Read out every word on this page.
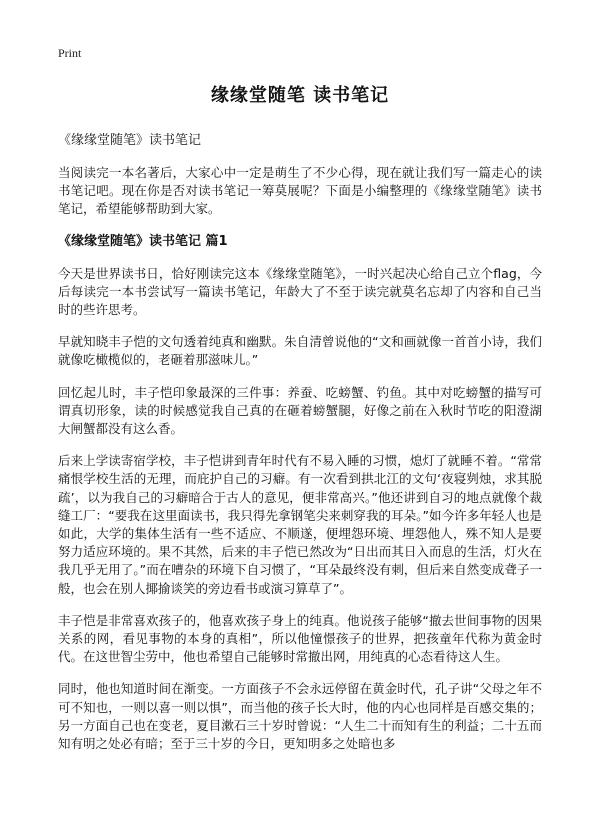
Print

缘缘堂随笔 读书笔记

《缘缘堂随笔》读书笔记

当阅读完一本名著后，大家心中一定是萌生了不少心得，现在就让我们写一篇走心的读书笔记吧。现在你是否对读书笔记一筹莫展呢？下面是小编整理的《缘缘堂随笔》读书笔记，希望能够帮助到大家。

《缘缘堂随笔》读书笔记 篇1

今天是世界读书日，恰好刚读完这本《缘缘堂随笔》，一时兴起决心给自己立个flag，今后每读完一本书尝试写一篇读书笔记，年龄大了不至于读完就莫名忘却了内容和自己当时的些许思考。

早就知晓丰子恺的文句透着纯真和幽默。朱自清曾说他的“文和画就像一首首小诗，我们就像吃橄榄似的，老砸着那滋味儿。”

回忆起儿时，丰子恺印象最深的三件事：养蚕、吃螃蟹、钓鱼。其中对吃螃蟹的描写可谓真切形象，读的时候感觉我自己真的在砸着螃蟹腿，好像之前在入秋时节吃的阳澄湖大闸蟹都没有这么香。

后来上学读寄宿学校，丰子恺讲到青年时代有不易入睡的习惯，熄灯了就睡不着。“常常痛恨学校生活的无理，而庇护自己的习癖。有一次看到拱北江的文句‘夜寝刿烛，求其脱疏’，以为我自己的习癖暗合于古人的意见，便非常高兴。”他还讲到自习的地点就像个裁缝工厂：“要我在这里面读书，我只得先拿钢笔尖来刺穿我的耳朵。”如今许多年轻人也是如此，大学的集体生活有一些不适应、不顺遂，便埋怨环境、埋怨他人，殊不知人是要努力适应环境的。果不其然，后来的丰子恺已然改为“日出而其日入而息的生活，灯火在我几乎无用了。”而在嘈杂的环境下自习惯了，“耳朵最终没有刺，但后来自然变成聋子一般，也会在别人揶揄谈笑的旁边看书或演习算草了”。

丰子恺是非常喜欢孩子的，他喜欢孩子身上的纯真。他说孩子能够“撤去世间事物的因果关系的网，看见事物的本身的真相”，所以他憧憬孩子的世界，把孩童年代称为黄金时代。在这世智尘劳中，他也希望自己能够时常撤出网，用纯真的心态看待这人生。

同时，他也知道时间在渐变。一方面孩子不会永远停留在黄金时代，孔子讲“父母之年不可不知也，一则以喜一则以惧”，而当他的孩子长大时，他的内心也同样是百感交集的；另一方面自己也在变老，夏目漱石三十岁时曾说：“人生二十而知有生的利益；二十五而知有明之处必有暗；至于三十岁的今日，更知明多之处暗也多
